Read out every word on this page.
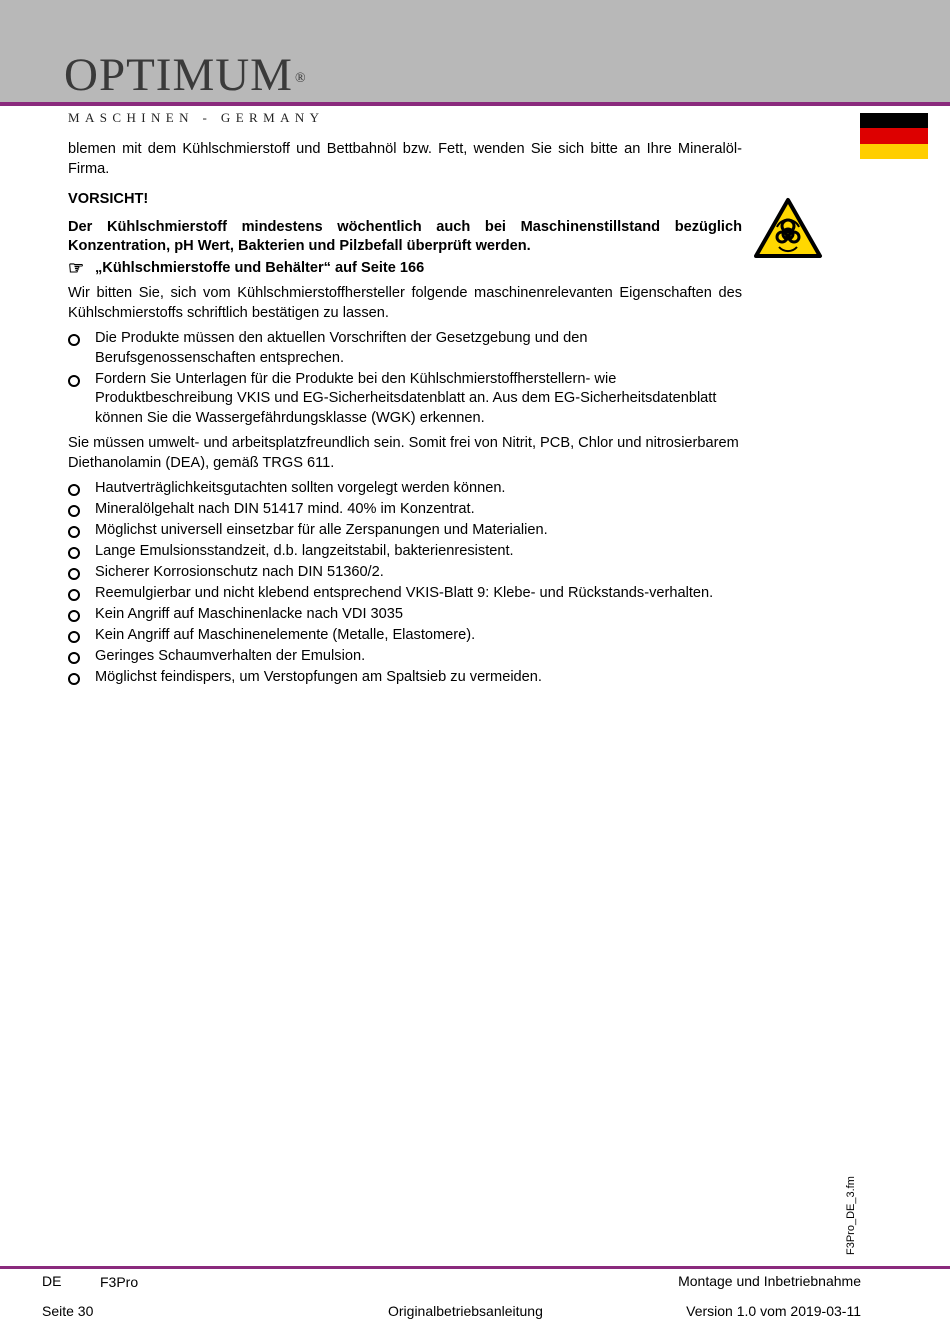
OPTIMUM ®
MASCHINEN - GERMANY

blemen mit dem Kühlschmierstoff und Bettbahnöl bzw. Fett, wenden Sie sich bitte an Ihre Mineralöl-Firma.

VORSICHT!

Der Kühlschmierstoff mindestens wöchentlich auch bei Maschinenstillstand bezüglich Konzentration, pH Wert, Bakterien und Pilzbefall überprüft werden.

☞ „Kühlschmierstoffe und Behälter“ auf Seite 166

Wir bitten Sie, sich vom Kühlschmierstoffhersteller folgende maschinenrelevanten Eigenschaften des Kühlschmierstoffs schriftlich bestätigen zu lassen.

Die Produkte müssen den aktuellen Vorschriften der Gesetzgebung und den Berufsgenossenschaften entsprechen.
Fordern Sie Unterlagen für die Produkte bei den Kühlschmierstoffherstellern- wie Produktbeschreibung VKIS und EG-Sicherheitsdatenblatt an. Aus dem EG-Sicherheitsdatenblatt können Sie die Wassergefährdungsklasse (WGK) erkennen.

Sie müssen umwelt- und arbeitsplatzfreundlich sein. Somit frei von Nitrit, PCB, Chlor und nitrosierbarem Diethanolamin (DEA), gemäß TRGS 611.

Hautverträglichkeitsgutachten sollten vorgelegt werden können.
Mineralölgehalt nach DIN 51417 mind. 40% im Konzentrat.
Möglichst universell einsetzbar für alle Zerspanungen und Materialien.
Lange Emulsionsstandzeit, d.b. langzeitstabil, bakterienresistent.
Sicherer Korrosionschutz nach DIN 51360/2.
Reemulgierbar und nicht klebend entsprechend VKIS-Blatt 9: Klebe- und Rückstands-verhalten.
Kein Angriff auf Maschinenlacke nach VDI 3035
Kein Angriff auf Maschinenelemente (Metalle, Elastomere).
Geringes Schaumverhalten der Emulsion.
Möglichst feindispers, um Verstopfungen am Spaltsieb zu vermeiden.
F3Pro_DE_3.fm
DE	F3Pro	Montage und Inbetriebnahme
Seite 30	Originalbetriebsanleitung	Version 1.0 vom 2019-03-11
